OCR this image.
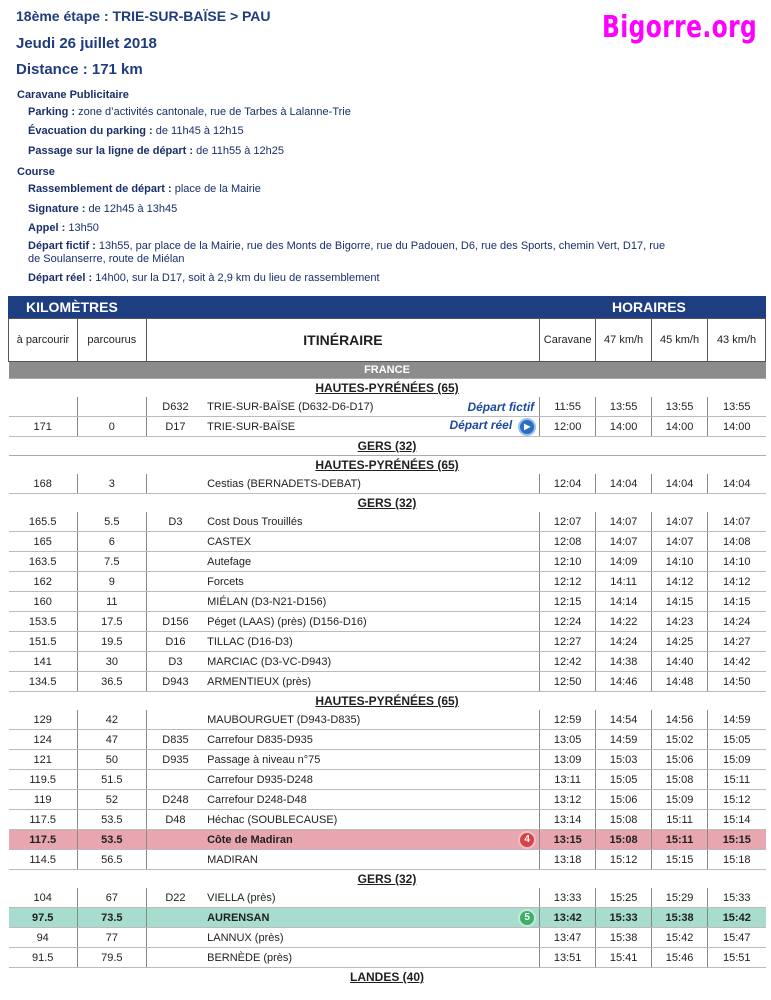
18ème étape : TRIE-SUR-BAÏSE > PAU	Bigorre.org
Jeudi 26 juillet 2018
Distance : 171 km
Caravane Publicitaire
Parking : zone d’activités cantonale, rue de Tarbes à Lalanne-Trie
Évacuation du parking : de 11h45 à 12h15
Passage sur la ligne de départ : de 11h55 à 12h25
Course
Rassemblement de départ : place de la Mairie
Signature : de 12h45 à 13h45
Appel : 13h50
Départ fictif : 13h55, par place de la Mairie, rue des Monts de Bigorre, rue du Padouen, D6, rue des Sports, chemin Vert, D17, rue
de Soulanserre, route de Miélan
Départ réel : 14h00, sur la D17, soit à 2,9 km du lieu de rassemblement
KILOMÈTRES	HORAIRES
à parcourir	parcourus	ITINÉRAIRE			Caravane	47 km/h	45 km/h	43 km/h
FRANCE								
HAUTES-PYRÉNÉES (65)								
		D632	TRIE-SUR-BAÏSE (D632-D6-D17)	Départ fictif	11:55	13:55	13:55	13:55
171	0	D17	TRIE-SUR-BAÏSE	Départ réel ▶	12:00	14:00	14:00	14:00
GERS (32)								
HAUTES-PYRÉNÉES (65)								
168	3		Cestias (BERNADETS-DEBAT)		12:04	14:04	14:04	14:04
GERS (32)								
165.5	5.5	D3	Cost Dous Trouillés		12:07	14:07	14:07	14:07
165	6		CASTEX		12:08	14:07	14:07	14:08
163.5	7.5		Autefage		12:10	14:09	14:10	14:10
162	9		Forcets		12:12	14:11	14:12	14:12
160	11		MIÉLAN (D3-N21-D156)		12:15	14:14	14:15	14:15
153.5	17.5	D156	Péget (LAAS) (près) (D156-D16)		12:24	14:22	14:23	14:24
151.5	19.5	D16	TILLAC (D16-D3)		12:27	14:24	14:25	14:27
141	30	D3	MARCIAC (D3-VC-D943)		12:42	14:38	14:40	14:42
134.5	36.5	D943	ARMENTIEUX (près)		12:50	14:46	14:48	14:50
HAUTES-PYRÉNÉES (65)								
129	42		MAUBOURGUET (D943-D835)		12:59	14:54	14:56	14:59
124	47	D835	Carrefour D835-D935		13:05	14:59	15:02	15:05
121	50	D935	Passage à niveau n°75		13:09	15:03	15:06	15:09
119.5	51.5		Carrefour D935-D248		13:11	15:05	15:08	15:11
119	52	D248	Carrefour D248-D48		13:12	15:06	15:09	15:12
117.5	53.5	D48	Héchac (SOUBLECAUSE)		13:14	15:08	15:11	15:14
117.5	53.5		Côte de Madiran	4	13:15	15:08	15:11	15:15
114.5	56.5		MADIRAN		13:18	15:12	15:15	15:18
GERS (32)								
104	67	D22	VIELLA (près)		13:33	15:25	15:29	15:33
97.5	73.5		AURENSAN	5	13:42	15:33	15:38	15:42
94	77		LANNUX (près)		13:47	15:38	15:42	15:47
91.5	79.5		BERNÈDE (près)		13:51	15:41	15:46	15:51
LANDES (40)								
